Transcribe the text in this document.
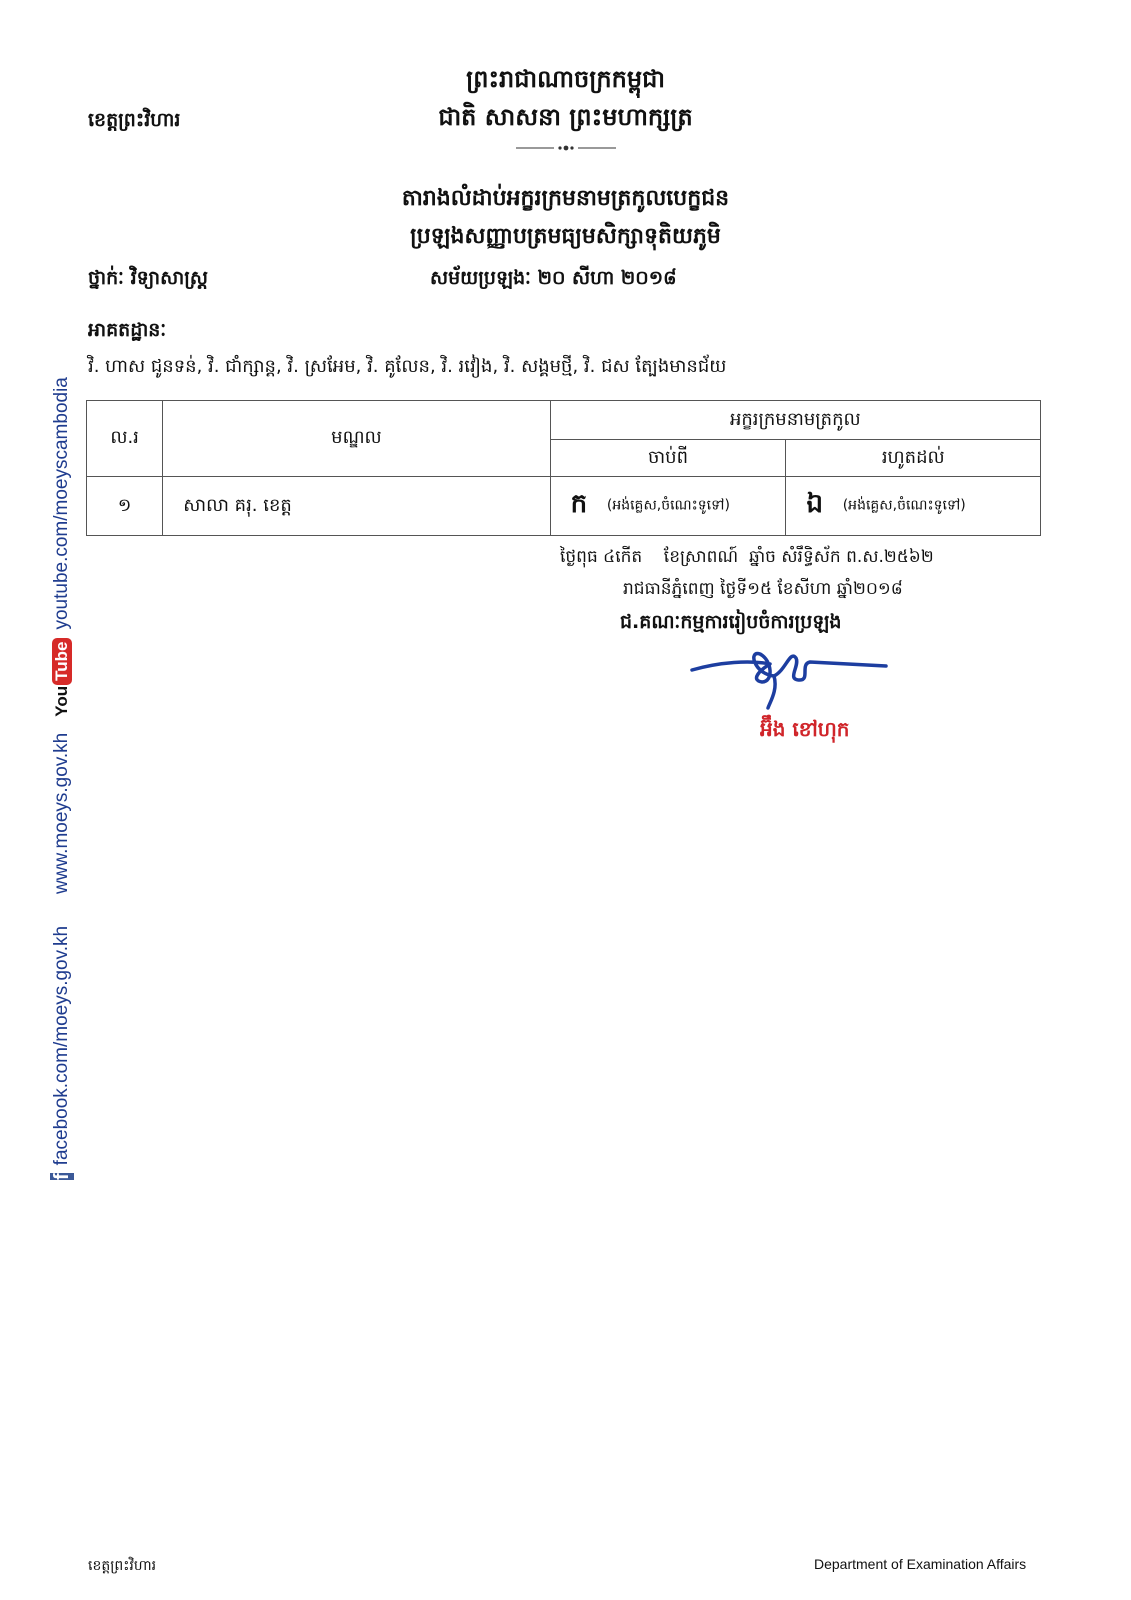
ព្រះរាជាណាចក្រកម្ពុជា
ជាតិ សាសនា ព្រះមហាក្សត្រ
ខេត្តព្រះវិហារ
តារាងលំដាប់អក្ខរក្រមនាមត្រកូលបេក្ខជន
ប្រឡងសញ្ញាបត្រមធ្យមសិក្សាទុតិយភូមិ
ថ្នាក់ៈ វិទ្យាសាស្ត្រ	សម័យប្រឡងៈ ២០ សីហា ២០១៨
អាគតដ្ឋានៈ
វិ. ហាស ជូនទន់, វិ. ជាំក្សាន្ត, វិ. ស្រអែម, វិ. គូលែន, វិ. រវៀង, វិ. សង្គមថ្មី, វិ. ជស ត្បែងមានជ័យ
ល.រ	មណ្ឌល	អក្ខរក្រមនាមត្រកូល	
		ចាប់ពី	រហូតដល់
១	សាលា គរុ. ខេត្ត	ក (អង់គ្លេស,ចំណេះទូទៅ)	ឯ (អង់គ្លេស,ចំណេះទូទៅ)
ថ្ងៃពុធ ៤កើត    ខែស្រាពណ៍  ឆ្នាំច សំរឹទ្ធិស័ក ព.ស.២៥៦២
រាជធានីភ្នំពេញ ថ្ងៃទី១៥ ខែសីហា ឆ្នាំ២០១៨
ជ.គណៈកម្មការរៀបចំការប្រឡង
អ៊ឹង ខៅហុក
f
facebook.com/moeys.gov.kh
www.moeys.gov.kh
You
Tube
youtube.com/moeyscambodia
ខេត្តព្រះវិហារ	Department of Examination Affairs
